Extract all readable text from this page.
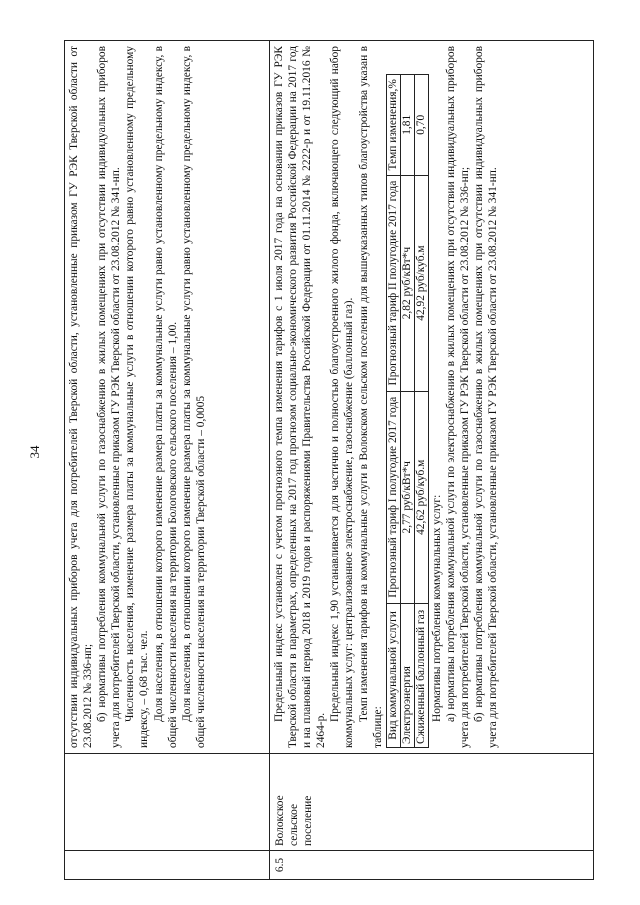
34
			отсутствии индивидуальных приборов учета для потребителей Тверской области, установленные приказом ГУ РЭК Тверской области от 23.08.2012 № 336-нп; б) нормативы потребления коммунальной услуги по газоснабжению в жилых помещениях при отсутствии индивидуальных приборов учета для потребителей Тверской области, установленные приказом ГУ РЭК Тверской области от 23.08.2012 № 341-нп. Численность населения, изменение размера платы за коммунальные услуги в отношении которого равно установленному предельному индексу, – 0,68 тыс. чел. Доля населения, в отношении которого изменение размера платы за коммунальные услуги равно установленному предельному индексу, в общей численности населения на территории Бологовского сельского поселения – 1,00. Доля населения, в отношении которого изменение размера платы за коммунальные услуги равно установленному предельному индексу, в общей численности населения на территории Тверской области – 0,0005

6.5	Волокское сельское поселение	

Предельный индекс установлен с учетом прогнозного темпа изменения тарифов с 1 июля 2017 года на основании приказов ГУ РЭК Тверской области в параметрах, определенных на 2017 год прогнозом социально-экономического развития Российской Федерации на 2017 год и на плановый период 2018 и 2019 годов и распоряжениями Правительства Российской Федерации от 01.11.2014 № 2222-р и от 19.11.2016 № 2464-р.

Предельный индекс 1,90 устанавливается для частично и полностью благоустроенного жилого фонда, включающего следующий набор коммунальных услуг: централизованное электроснабжение, газоснабжение (баллонный газ). Темп изменения тарифов на коммунальные услуги в Волокском сельском поселении для вышеуказанных типов благоустройства указан в таблице: Вид коммунальной услуги	Прогнозный тариф I полугодие 2017 года	Прогнозный тариф II полугодие 2017 года	Темп изменения,%
Электроэнергия	2,77 руб/кВт*ч	2,82 руб/кВт*ч	1,81
Сжиженный баллонный газ	42,62 руб/куб.м	42,92 руб/куб.м	0,70

Нормативы потребления коммунальных услуг: а) нормативы потребления коммунальной услуги по электроснабжению в жилых помещениях при отсутствии индивидуальных приборов учета для потребителей Тверской области, установленные приказом ГУ РЭК Тверской области от 23.08.2012 № 336-нп; б) нормативы потребления коммунальной услуги по газоснабжению в жилых помещениях при отсутствии индивидуальных приборов учета для потребителей Тверской области, установленные приказом ГУ РЭК Тверской области от 23.08.2012 № 341-нп.
